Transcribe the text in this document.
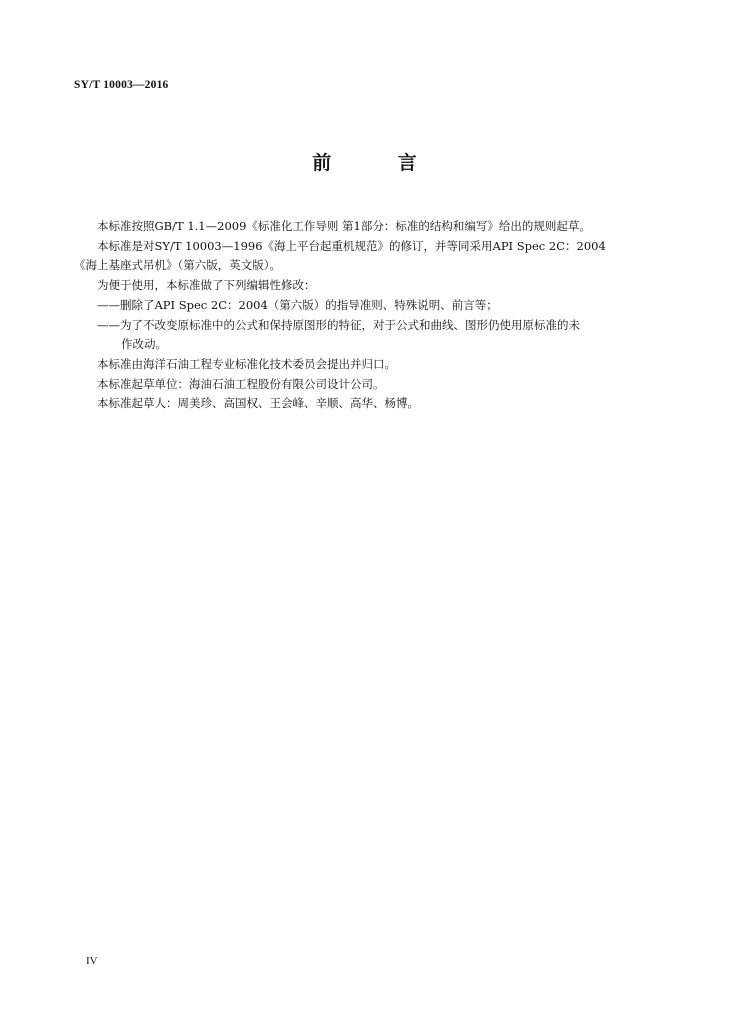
SY/T 10003—2016
前 言

本标准按照GB/T 1.1—2009《标准化工作导则 第1部分：标准的结构和编写》给出的规则起草。

本标准是对SY/T 10003—1996《海上平台起重机规范》的修订，并等同采用API Spec 2C：2004

《海上基座式吊机》（第六版，英文版）。

为便于使用，本标准做了下列编辑性修改：

——删除了API Spec 2C：2004（第六版）的指导准则、特殊说明、前言等；

——为了不改变原标准中的公式和保持原图形的特征，对于公式和曲线、图形仍使用原标准的未

作改动。

本标准由海洋石油工程专业标准化技术委员会提出并归口。

本标准起草单位：海油石油工程股份有限公司设计公司。

本标准起草人：周美珍、高国权、王会峰、辛顺、高华、杨博。

IV
